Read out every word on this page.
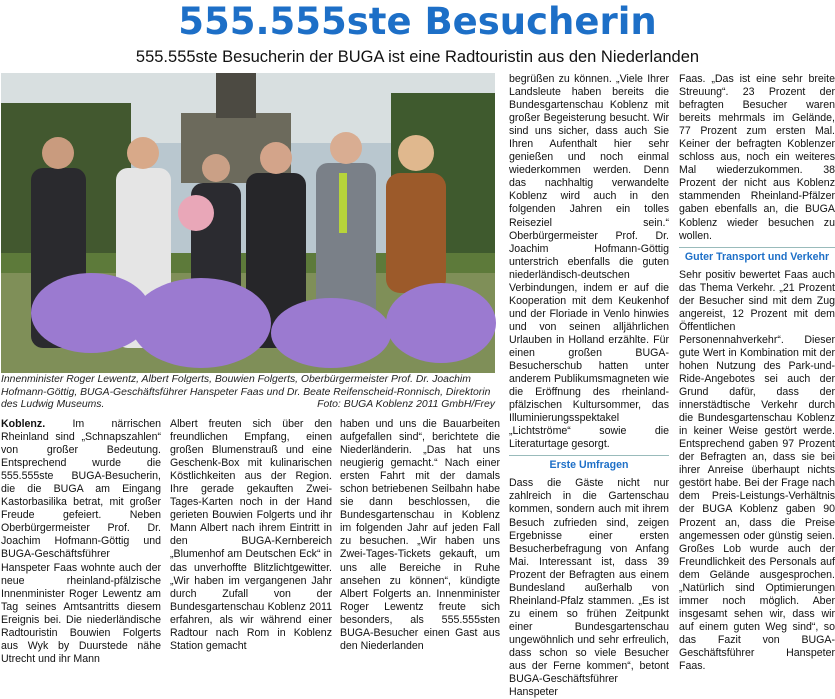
555.555ste Besucherin
555.555ste Besucherin der BUGA ist eine Radtouristin aus den Niederlanden
Innenminister Roger Lewentz, Albert Folgerts, Bouwien Folgerts, Oberbürgermeister Prof. Dr. Joachim Hofmann-Göttig, BUGA-Geschäftsführer Hanspeter Faas und Dr. Beate Reifenscheid-Ronnisch, Direktorin des Ludwig Museums.	Foto: BUGA Koblenz 2011 GmbH/Frey

Koblenz. Im närrischen Rheinland sind „Schnapszahlen“ von großer Bedeutung. Entsprechend wurde die 555.555ste BUGA-Besucherin, die die BUGA am Eingang Kastorbasilika betrat, mit großer Freude gefeiert. Neben Oberbürgermeister Prof. Dr. Joachim Hofmann-Göttig und BUGA-Geschäftsführer Hanspeter Faas wohnte auch der neue rheinland-pfälzische Innenminister Roger Lewentz am Tag seines Amtsantritts diesem Ereignis bei. Die niederländische Radtouristin Bouwien Folgerts aus Wyk by Duurstede nähe Utrecht und ihr Mann

Albert freuten sich über den freundlichen Empfang, einen großen Blumenstrauß und eine Geschenk-Box mit kulinarischen Köstlichkeiten aus der Region. Ihre gerade gekauften Zwei-Tages-Karten noch in der Hand gerieten Bouwien Folgerts und ihr Mann Albert nach ihrem Eintritt in den BUGA-Kernbereich „Blumenhof am Deutschen Eck“ in das unverhoffte Blitzlichtgewitter. „Wir haben im vergangenen Jahr durch Zufall von der Bundesgartenschau Koblenz 2011 erfahren, als wir während einer Radtour nach Rom in Koblenz Station gemacht

haben und uns die Bauarbeiten aufgefallen sind“, berichtete die Niederländerin. „Das hat uns neugierig gemacht.“ Nach einer ersten Fahrt mit der damals schon betriebenen Seilbahn habe sie dann beschlossen, die Bundesgartenschau in Koblenz im folgenden Jahr auf jeden Fall zu besuchen. „Wir haben uns Zwei-Tages-Tickets gekauft, um uns alle Bereiche in Ruhe ansehen zu können“, kündigte Albert Folgerts an. Innenminister Roger Lewentz freute sich besonders, als 555.555sten BUGA-Besucher einen Gast aus den Niederlanden

begrüßen zu können. „Viele Ihrer Landsleute haben bereits die Bundesgartenschau Koblenz mit großer Begeisterung besucht. Wir sind uns sicher, dass auch Sie Ihren Aufenthalt hier sehr genießen und noch einmal wiederkommen werden. Denn das nachhaltig verwandelte Koblenz wird auch in den folgenden Jahren ein tolles Reiseziel sein.“ Oberbürgermeister Prof. Dr. Joachim Hofmann-Göttig unterstrich ebenfalls die guten niederländisch-deutschen Verbindungen, indem er auf die Kooperation mit dem Keukenhof und der Floriade in Venlo hinwies und von seinen alljährlichen Urlauben in Holland erzählte. Für einen großen BUGA-Besucherschub hatten unter anderem Publikumsmagneten wie die Eröffnung des rheinland-pfälzischen Kultursommer, das Illuminierungsspektakel „Lichtströme“ sowie die Literaturtage gesorgt.

Erste Umfragen

Dass die Gäste nicht nur zahlreich in die Gartenschau kommen, sondern auch mit ihrem Besuch zufrieden sind, zeigen Ergebnisse einer ersten Besucherbefragung von Anfang Mai. Interessant ist, dass 39 Prozent der Befragten aus einem Bundesland außerhalb von Rheinland-Pfalz stammen. „Es ist zu einem so frühen Zeitpunkt einer Bundesgartenschau ungewöhnlich und sehr erfreulich, dass schon so viele Besucher aus der Ferne kommen“, betont BUGA-Geschäftsführer Hanspeter

Faas. „Das ist eine sehr breite Streuung“. 23 Prozent der befragten Besucher waren bereits mehrmals im Gelände, 77 Prozent zum ersten Mal. Keiner der befragten Koblenzer schloss aus, noch ein weiteres Mal wiederzukommen. 38 Prozent der nicht aus Koblenz stammenden Rheinland-Pfälzer gaben ebenfalls an, die BUGA Koblenz wieder besuchen zu wollen.

Guter Transport und Verkehr

Sehr positiv bewertet Faas auch das Thema Verkehr. „21 Prozent der Besucher sind mit dem Zug angereist, 12 Prozent mit dem Öffentlichen Personennahverkehr“. Dieser gute Wert in Kombination mit der hohen Nutzung des Park-und-Ride-Angebotes sei auch der Grund dafür, dass der innerstädtische Verkehr durch die Bundesgartenschau Koblenz in keiner Weise gestört werde. Entsprechend gaben 97 Prozent der Befragten an, dass sie bei ihrer Anreise überhaupt nichts gestört habe. Bei der Frage nach dem Preis-Leistungs-Verhältnis der BUGA Koblenz gaben 90 Prozent an, dass die Preise angemessen oder günstig seien. Großes Lob wurde auch der Freundlichkeit des Personals auf dem Gelände ausgesprochen. „Natürlich sind Optimierungen immer noch möglich. Aber insgesamt sehen wir, dass wir auf einem guten Weg sind“, so das Fazit von BUGA-Geschäftsführer Hanspeter Faas.
